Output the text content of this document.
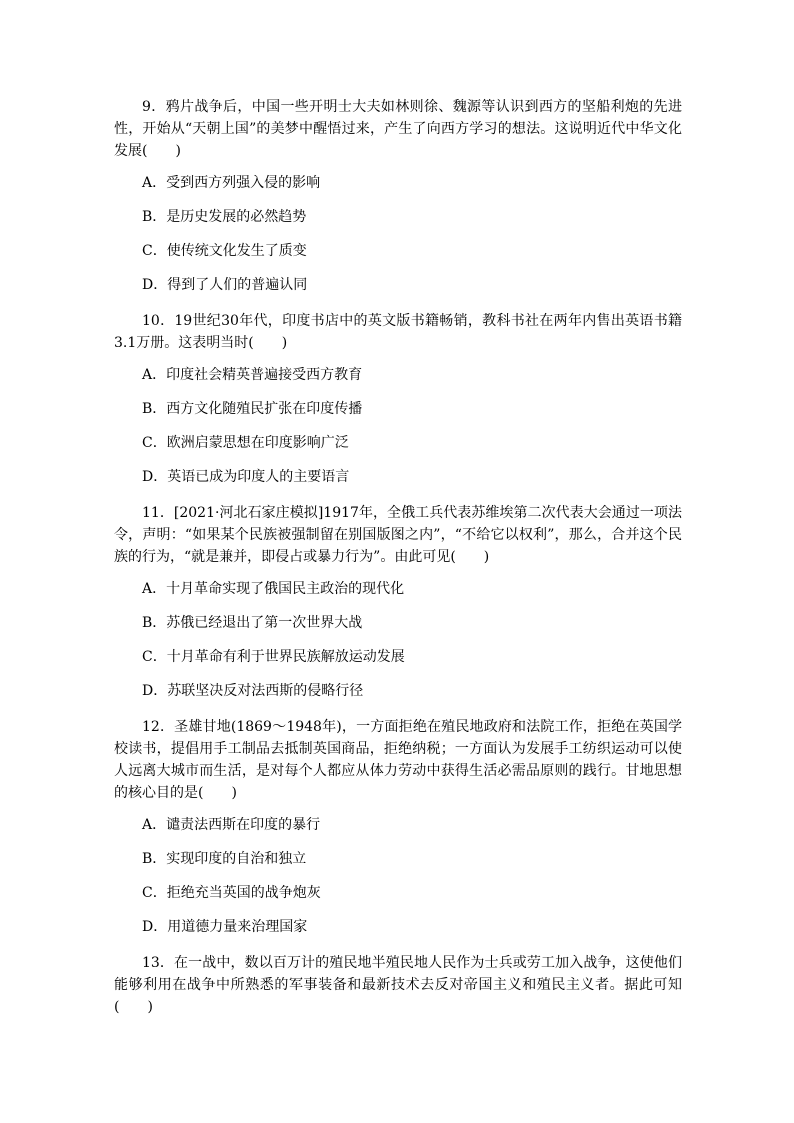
9．鸦片战争后，中国一些开明士大夫如林则徐、魏源等认识到西方的坚船利炮的先进性，开始从“天朝上国”的美梦中醒悟过来，产生了向西方学习的想法。这说明近代中华文化发展(　　)

A．受到西方列强入侵的影响
B．是历史发展的必然趋势
C．使传统文化发生了质变
D．得到了人们的普遍认同

10．19世纪30年代，印度书店中的英文版书籍畅销，教科书社在两年内售出英语书籍3.1万册。这表明当时(　　)

A．印度社会精英普遍接受西方教育
B．西方文化随殖民扩张在印度传播
C．欧洲启蒙思想在印度影响广泛
D．英语已成为印度人的主要语言

11．[2021·河北石家庄模拟]1917年，全俄工兵代表苏维埃第二次代表大会通过一项法令，声明：“如果某个民族被强制留在别国版图之内”，“不给它以权利”，那么，合并这个民族的行为，“就是兼并，即侵占或暴力行为”。由此可见(　　)

A．十月革命实现了俄国民主政治的现代化
B．苏俄已经退出了第一次世界大战
C．十月革命有利于世界民族解放运动发展
D．苏联坚决反对法西斯的侵略行径

12．圣雄甘地(1869～1948年)，一方面拒绝在殖民地政府和法院工作，拒绝在英国学校读书，提倡用手工制品去抵制英国商品，拒绝纳税；一方面认为发展手工纺织运动可以使人远离大城市而生活，是对每个人都应从体力劳动中获得生活必需品原则的践行。甘地思想的核心目的是(　　)

A．谴责法西斯在印度的暴行
B．实现印度的自治和独立
C．拒绝充当英国的战争炮灰
D．用道德力量来治理国家

13．在一战中，数以百万计的殖民地半殖民地人民作为士兵或劳工加入战争，这使他们能够利用在战争中所熟悉的军事装备和最新技术去反对帝国主义和殖民主义者。据此可知(　　)
